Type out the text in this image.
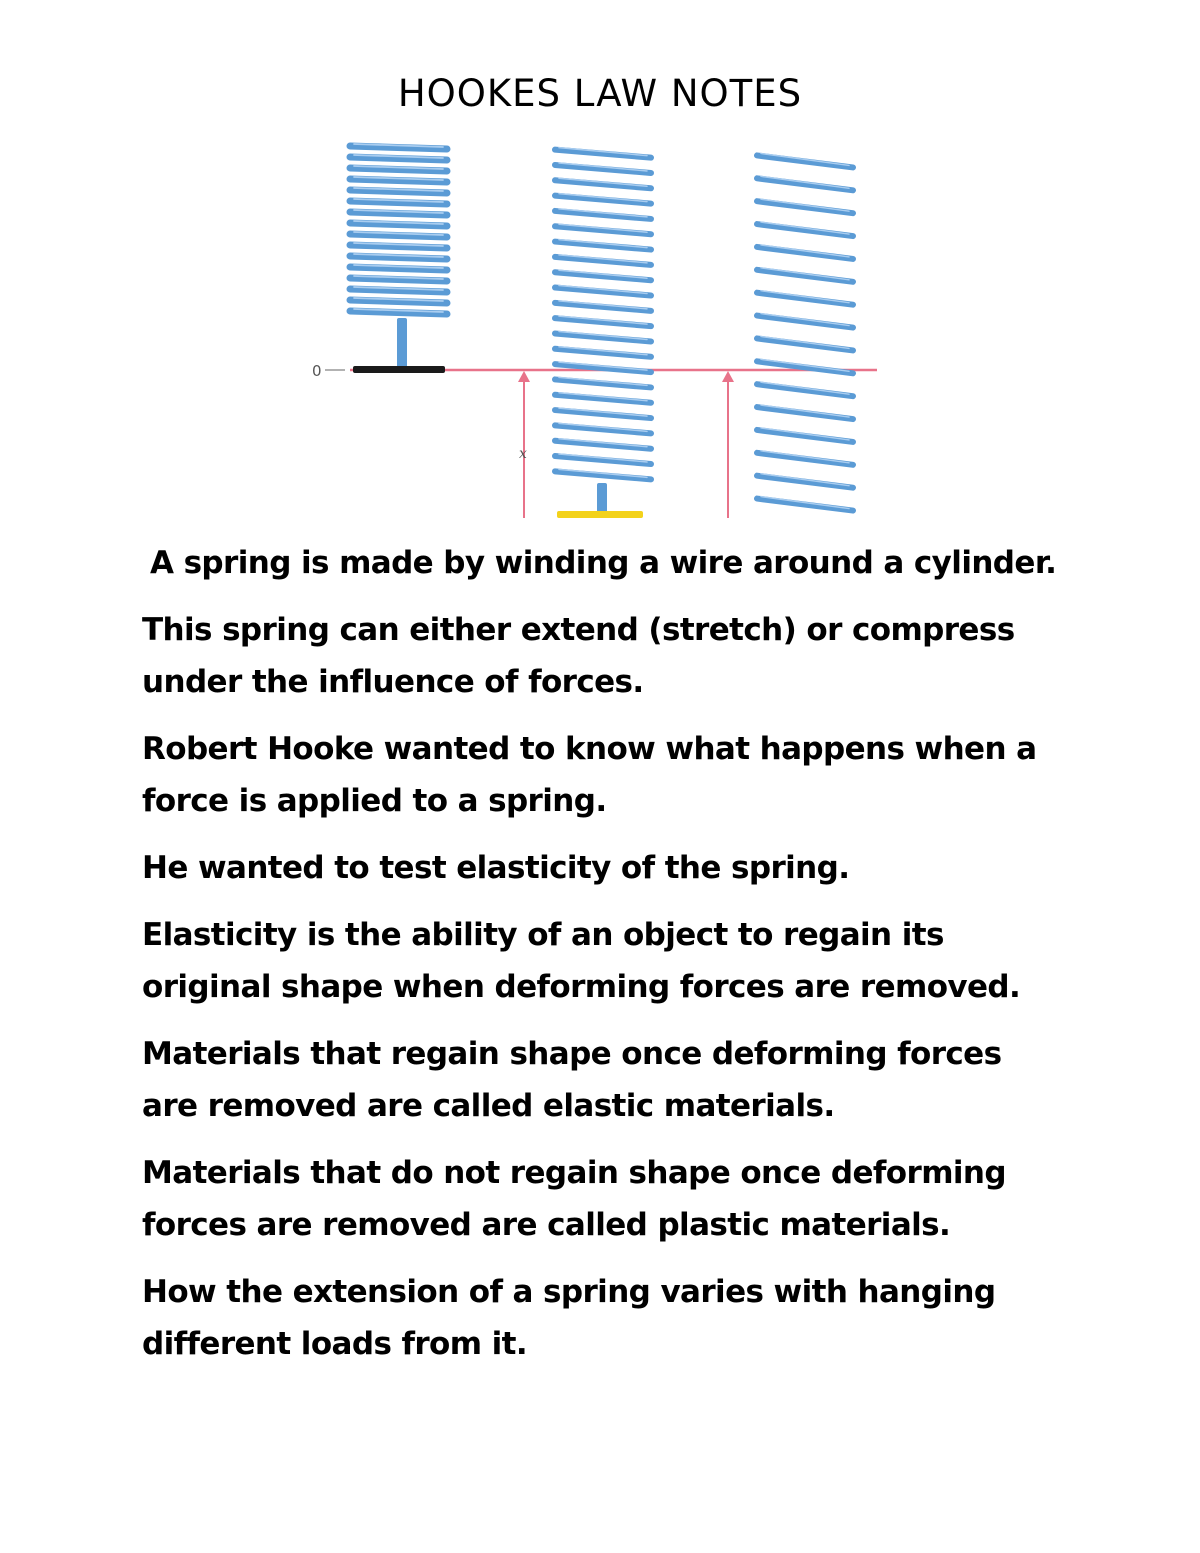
HOOKES LAW NOTES
0
x

A spring is made by winding a wire around a cylinder.

This spring can either extend (stretch) or compress under the influence of forces.

Robert Hooke wanted to know what happens when a force is applied to a spring.

He wanted to test elasticity of the spring.

Elasticity is the ability of an object to regain its original shape when deforming forces are removed.

Materials that regain shape once deforming forces are removed are called elastic materials.

Materials that do not regain shape once deforming forces are removed are called plastic materials.

How the extension of a spring varies with hanging different loads from it.
